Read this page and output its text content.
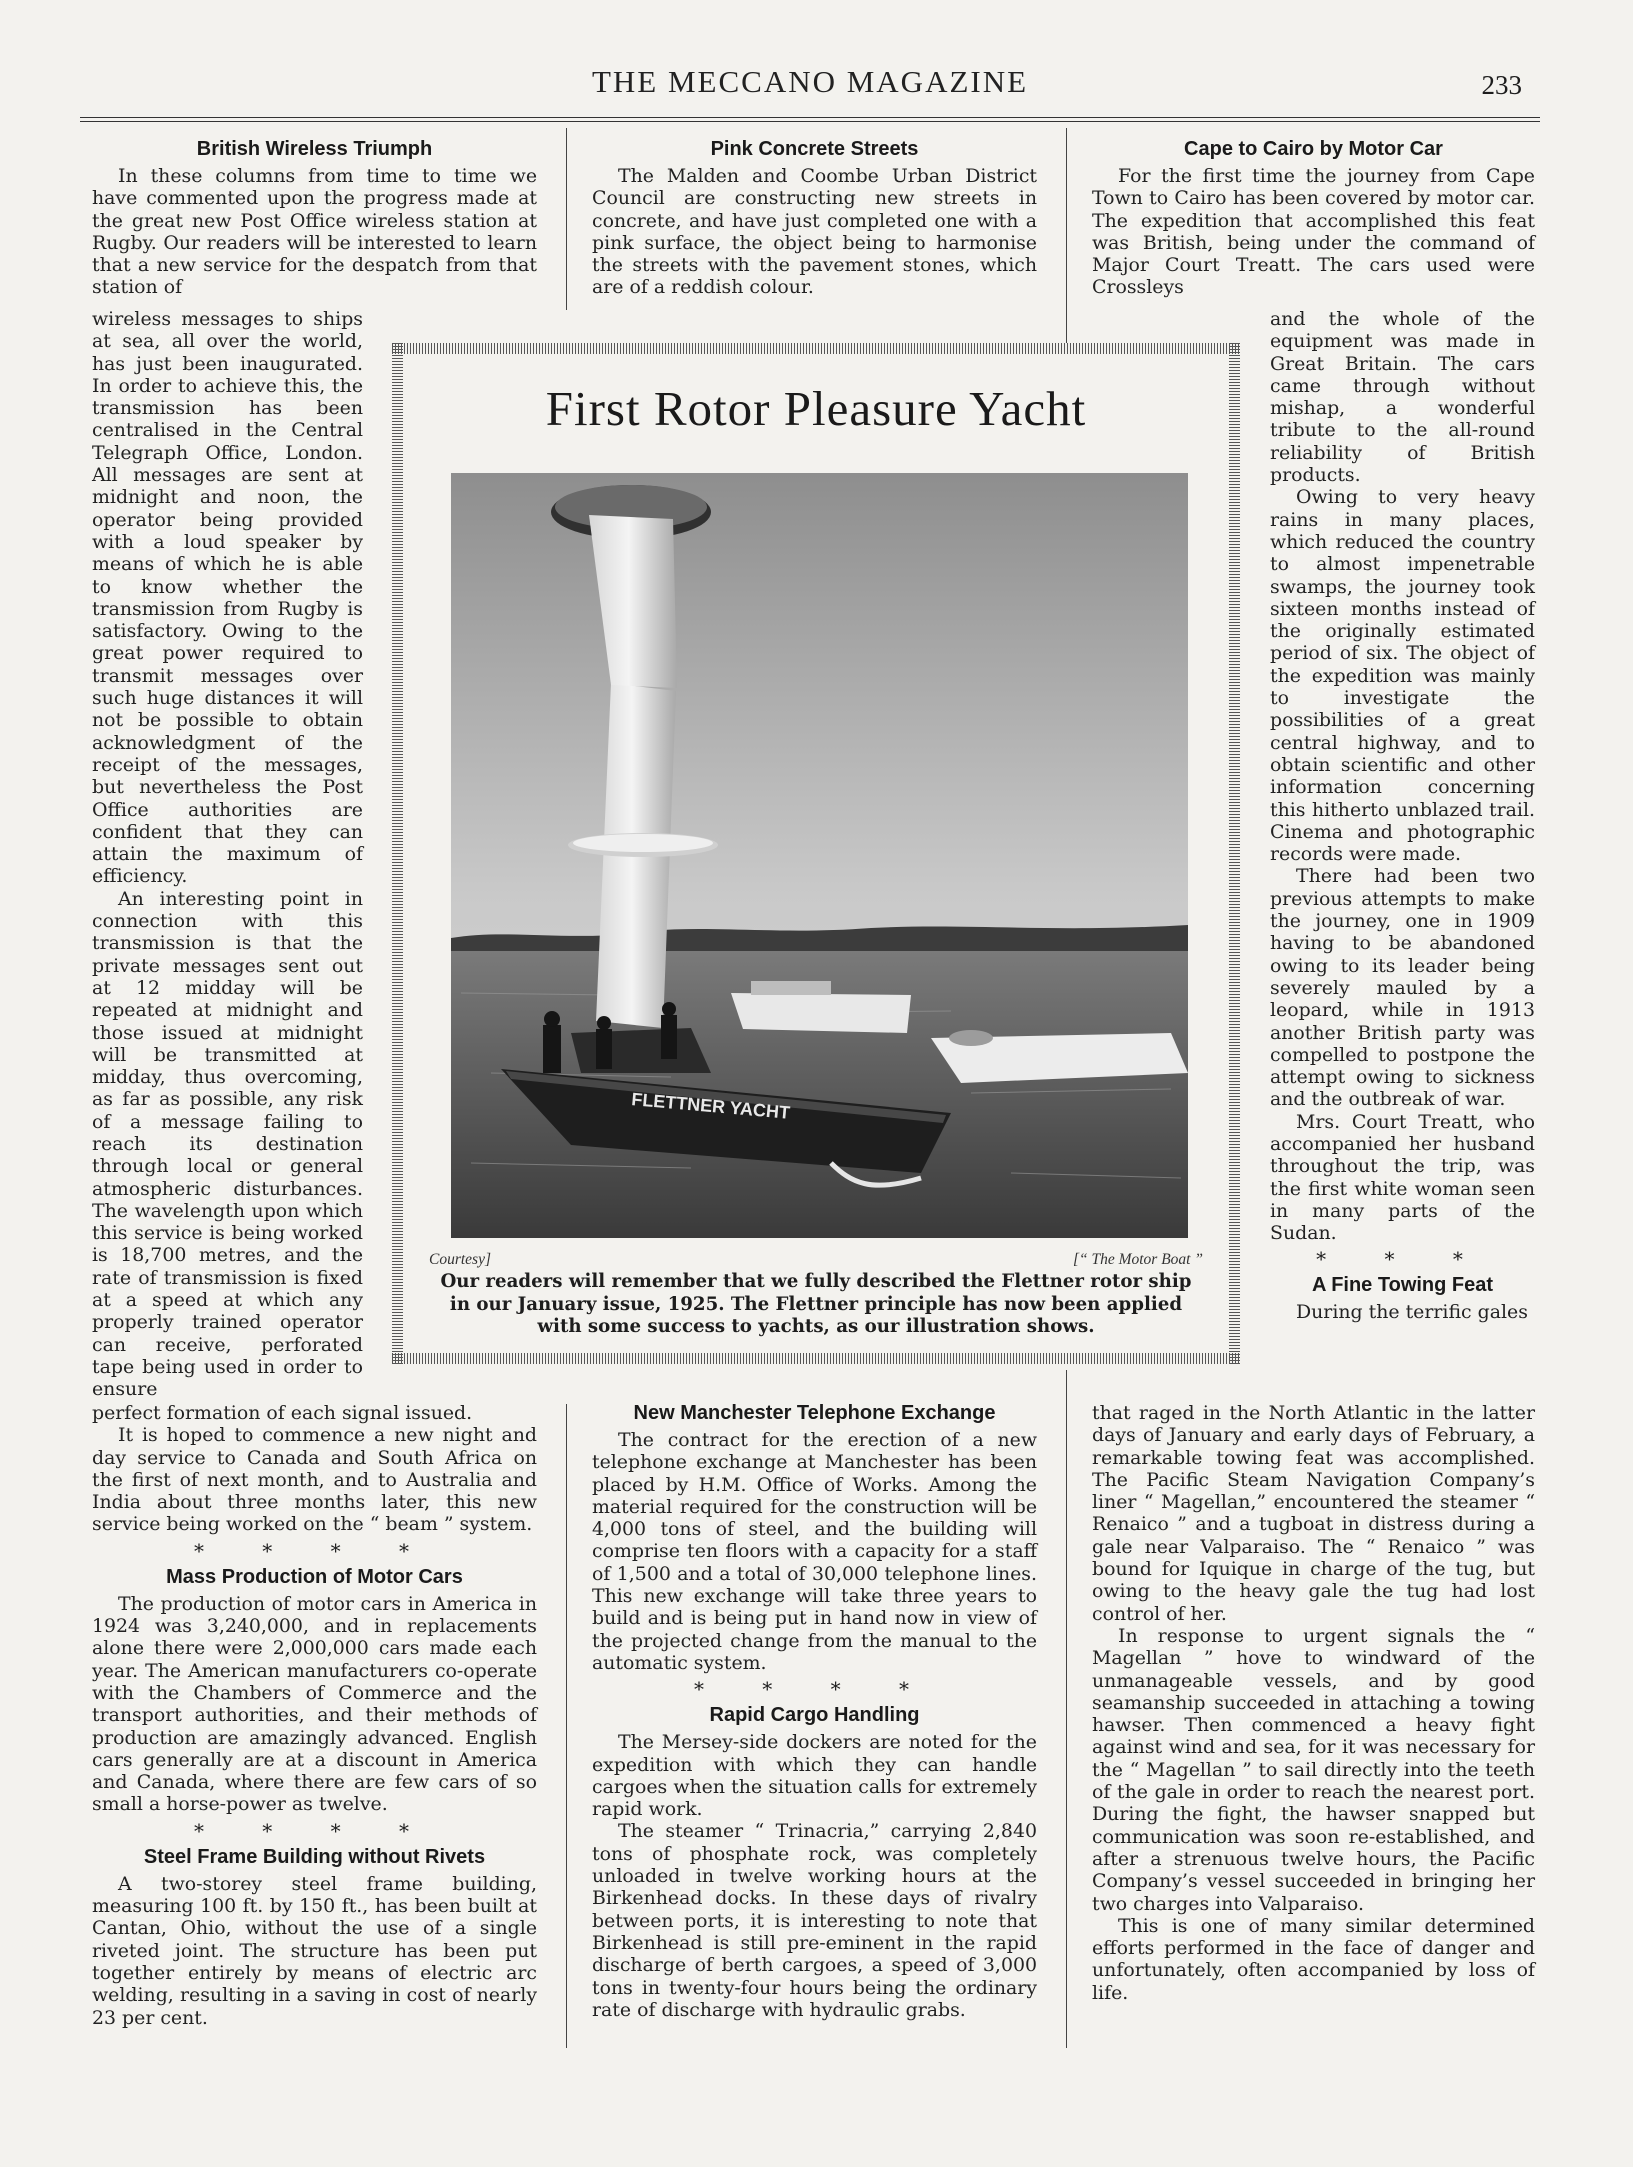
THE MECCANO MAGAZINE	233
British Wireless Triumph

In these columns from time to time we have commented upon the progress made at the great new Post Office wireless station at Rugby. Our readers will be interested to learn that a new service for the despatch from that station of

wireless messages to ships at sea, all over the world, has just been inaugurated. In order to achieve this, the transmission has been centralised in the Central Telegraph Office, London. All messages are sent at midnight and noon, the operator being provided with a loud speaker by means of which he is able to know whether the transmission from Rugby is satisfactory. Owing to the great power required to transmit messages over such huge distances it will not be possible to obtain acknowledgment of the receipt of the messages, but nevertheless the Post Office authorities are confident that they can attain the maximum of efficiency.

An interesting point in connection with this transmission is that the private messages sent out at 12 midday will be repeated at midnight and those issued at midnight will be transmitted at midday, thus overcoming, as far as possible, any risk of a message failing to reach its destination through local or general atmospheric disturbances. The wavelength upon which this service is being worked is 18,700 metres, and the rate of transmission is fixed at a speed at which any properly trained operator can receive, perforated tape being used in order to ensure

perfect formation of each signal issued.

It is hoped to commence a new night and day service to Canada and South Africa on the first of next month, and to Australia and India about three months later, this new service being worked on the “ beam ” system.

* * * *
Mass Production of Motor Cars

The production of motor cars in America in 1924 was 3,240,000, and in replacements alone there were 2,000,000 cars made each year. The American manufacturers co-operate with the Chambers of Commerce and the transport authorities, and their methods of production are amazingly advanced. English cars generally are at a discount in America and Canada, where there are few cars of so small a horse-power as twelve.

* * * *
Steel Frame Building without Rivets

A two-storey steel frame building, measuring 100 ft. by 150 ft., has been built at Cantan, Ohio, without the use of a single riveted joint. The structure has been put together entirely by means of electric arc welding, resulting in a saving in cost of nearly 23 per cent.

Pink Concrete Streets

The Malden and Coombe Urban District Council are constructing new streets in concrete, and have just completed one with a pink surface, the object being to harmonise the streets with the pavement stones, which are of a reddish colour.

New Manchester Telephone Exchange

The contract for the erection of a new telephone exchange at Manchester has been placed by H.M. Office of Works. Among the material required for the construction will be 4,000 tons of steel, and the building will comprise ten floors with a capacity for a staff of 1,500 and a total of 30,000 telephone lines. This new exchange will take three years to build and is being put in hand now in view of the projected change from the manual to the automatic system.

* * * *
Rapid Cargo Handling

The Mersey-side dockers are noted for the expedition with which they can handle cargoes when the situation calls for extremely rapid work.

The steamer “ Trinacria,” carrying 2,840 tons of phosphate rock, was completely unloaded in twelve working hours at the Birkenhead docks. In these days of rivalry between ports, it is interesting to note that Birkenhead is still pre-eminent in the rapid discharge of berth cargoes, a speed of 3,000 tons in twenty-four hours being the ordinary rate of discharge with hydraulic grabs.

Cape to Cairo by Motor Car

For the first time the journey from Cape Town to Cairo has been covered by motor car. The expedition that accomplished this feat was British, being under the command of Major Court Treatt. The cars used were Crossleys

and the whole of the equipment was made in Great Britain. The cars came through without mishap, a wonderful tribute to the all-round reliability of British products.

Owing to very heavy rains in many places, which reduced the country to almost impenetrable swamps, the journey took sixteen months instead of the originally estimated period of six. The object of the expedition was mainly to investigate the possibilities of a great central highway, and to obtain scientific and other information concerning this hitherto unblazed trail. Cinema and photographic records were made.

There had been two previous attempts to make the journey, one in 1909 having to be abandoned owing to its leader being severely mauled by a leopard, while in 1913 another British party was compelled to postpone the attempt owing to sickness and the outbreak of war.

Mrs. Court Treatt, who accompanied her husband throughout the trip, was the first white woman seen in many parts of the Sudan.

* * *
A Fine Towing Feat

During the terrific gales

that raged in the North Atlantic in the latter days of January and early days of February, a remarkable towing feat was accomplished. The Pacific Steam Navigation Company’s liner “ Magellan,” encountered the steamer “ Renaico ” and a tugboat in distress during a gale near Valparaiso. The “ Renaico ” was bound for Iquique in charge of the tug, but owing to the heavy gale the tug had lost control of her.

In response to urgent signals the “ Magellan ” hove to windward of the unmanageable vessels, and by good seamanship succeeded in attaching a towing hawser. Then commenced a heavy fight against wind and sea, for it was necessary for the “ Magellan ” to sail directly into the teeth of the gale in order to reach the nearest port. During the fight, the hawser snapped but communication was soon re-established, and after a strenuous twelve hours, the Pacific Company’s vessel succeeded in bringing her two charges into Valparaiso.

This is one of many similar determined efforts performed in the face of danger and unfortunately, often accompanied by loss of life.

First Rotor Pleasure Yacht
FLETTNER YACHT
Courtesy]	[“ The Motor Boat ”
Our readers will remember that we fully described the Flettner rotor ship in our January issue, 1925. The Flettner principle has now been applied with some success to yachts, as our illustration shows.
